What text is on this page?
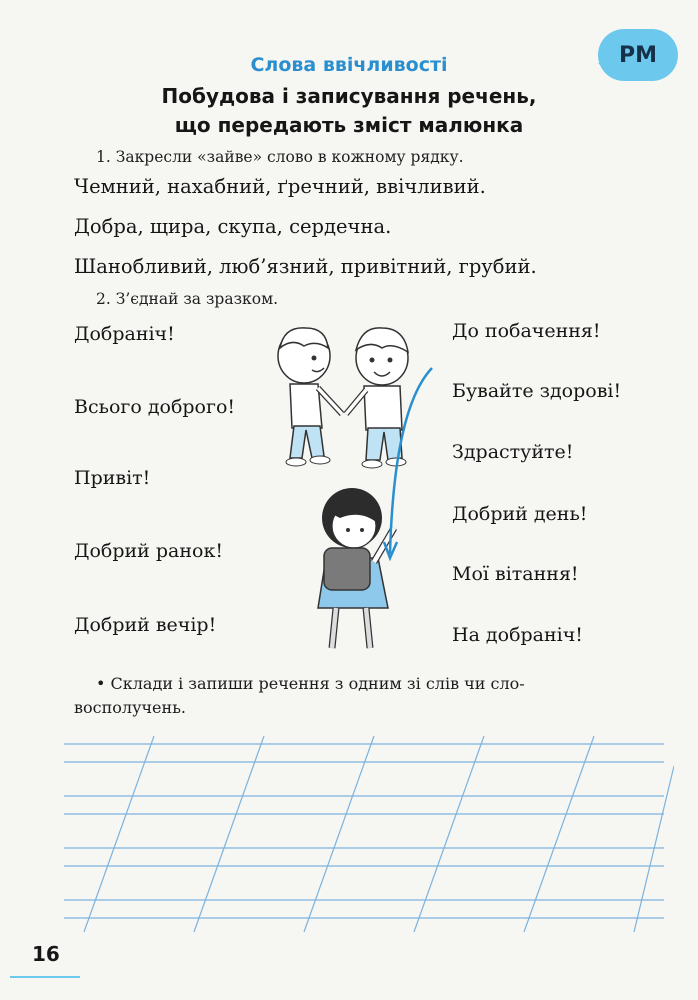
РМ
Слова ввічливості
Побудова і записування речень,
що передають зміст малюнка
1. Закресли «зайве» слово в кожному рядку.
Чемний, нахабний, ґречний, ввічливий.
Добра, щира, скупа, сердечна.
Шанобливий, люб’язний, привітний, грубий.
2. З’єднай за зразком.
Добраніч!
Всього доброго!
Привіт!
Добрий ранок!
Добрий вечір!
До побачення!
Бувайте здорові!
Здрастуйте!
Добрий день!
Мої вітання!
На добраніч!
• Склади і запиши речення з одним зі слів чи сло-
восполучень.
16
